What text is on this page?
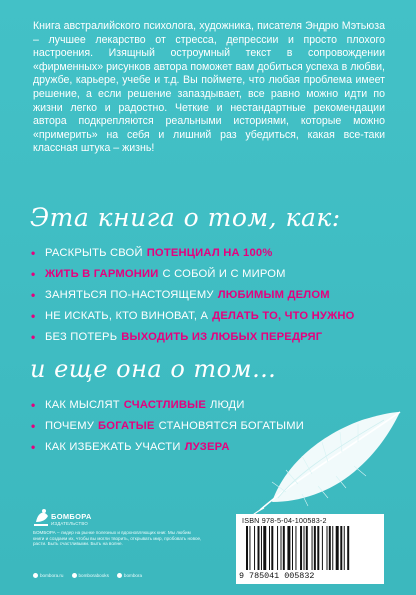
Книга австралийского психолога, художника, писателя Эндрю Мэтьюза – лучшее лекарство от стресса, депрессии и просто плохого настроения. Изящный остроумный текст в сопровождении «фирменных» рисунков автора поможет вам добиться успеха в любви, дружбе, карьере, учебе и т.д. Вы поймете, что любая проблема имеет решение, а если решение запаздывает, все равно можно идти по жизни легко и радостно. Четкие и нестандартные рекомендации автора подкрепляются реальными историями, которые можно «примерить» на себя и лишний раз убедиться, какая все-таки классная штука – жизнь!

Эта книга о том, как:
• РАСКРЫТЬ СВОЙ ПОТЕНЦИАЛ НА 100%
• ЖИТЬ В ГАРМОНИИ С СОБОЙ И С МИРОМ
• ЗАНЯТЬСЯ ПО-НАСТОЯЩЕМУ ЛЮБИМЫМ ДЕЛОМ
• НЕ ИСКАТЬ, КТО ВИНОВАТ, А ДЕЛАТЬ ТО, ЧТО НУЖНО
• БЕЗ ПОТЕРЬ ВЫХОДИТЬ ИЗ ЛЮБЫХ ПЕРЕДРЯГ
и еще она о том…
• КАК МЫСЛЯТ СЧАСТЛИВЫЕ ЛЮДИ
• ПОЧЕМУ БОГАТЫЕ СТАНОВЯТСЯ БОГАТЫМИ
• КАК ИЗБЕЖАТЬ УЧАСТИ ЛУЗЕРА
БОМБОРА
ИЗДАТЕЛЬСТВО

БОМБОРА – лидер на рынке полезных и вдохновляющих книг. Мы любим книги и создаем их, чтобы вы могли творить, открывать мир, пробовать новое, расти. Быть счастливыми. Быть на волне.

bombora.ru	bomborabooks	bombora
ISBN 978-5-04-100583-2
9 785041 005832
